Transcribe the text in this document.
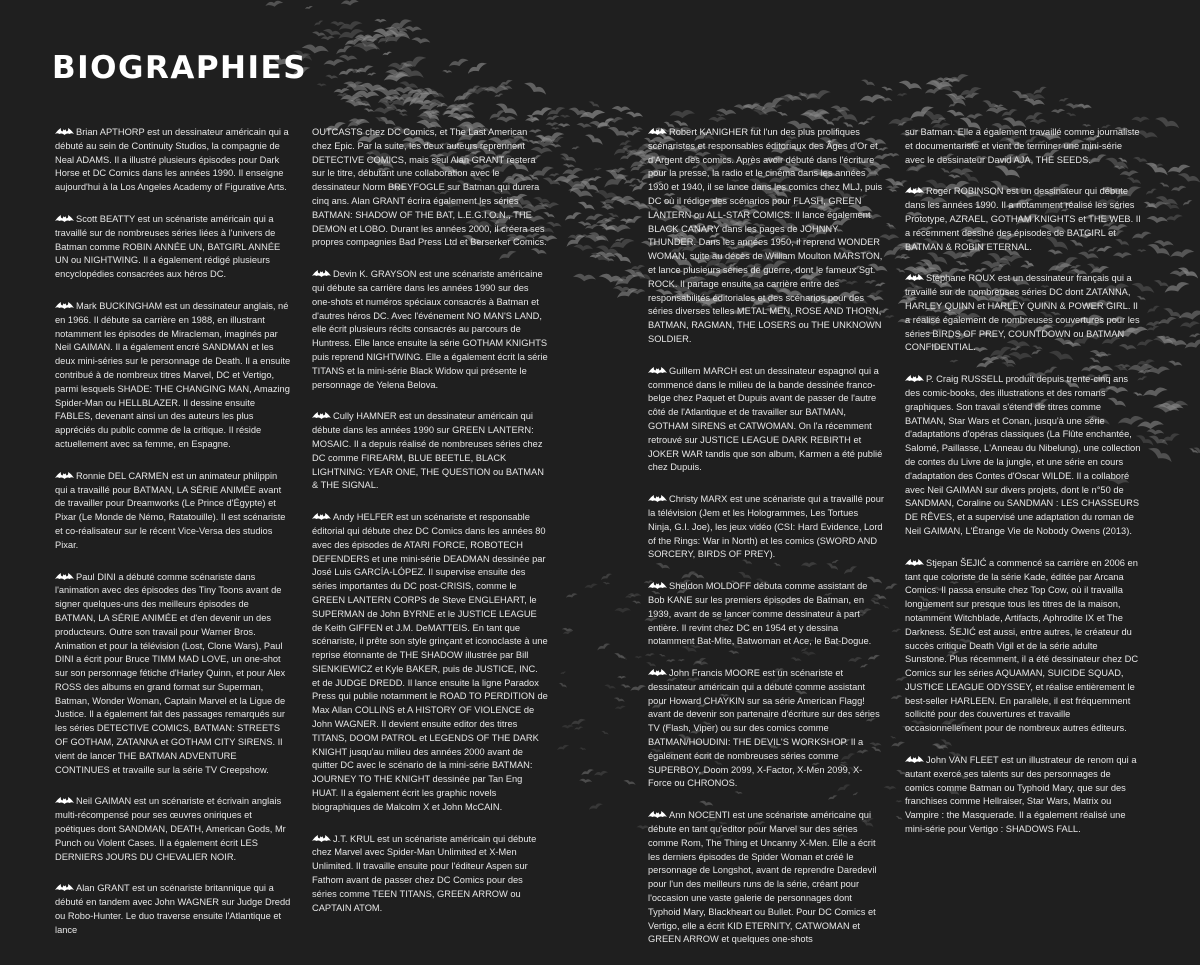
BIOGRAPHIES

Brian APTHORP est un dessinateur américain qui a débuté au sein de Continuity Studios, la compagnie de Neal ADAMS. Il a illustré plusieurs épisodes pour Dark Horse et DC Comics dans les années 1990. Il enseigne aujourd'hui à la Los Angeles Academy of Figurative Arts.

Scott BEATTY est un scénariste américain qui a travaillé sur de nombreuses séries liées à l'univers de Batman comme ROBIN ANNÉE UN, BATGIRL ANNÉE UN ou NIGHTWING. Il a également rédigé plusieurs encyclopédies consacrées aux héros DC.

Mark BUCKINGHAM est un dessinateur anglais, né en 1966. Il débute sa carrière en 1988, en illustrant notamment les épisodes de Miracleman, imaginés par Neil GAIMAN. Il a également encré SANDMAN et les deux mini-séries sur le personnage de Death. Il a ensuite contribué à de nombreux titres Marvel, DC et Vertigo, parmi lesquels SHADE: THE CHANGING MAN, Amazing Spider-Man ou HELLBLAZER. Il dessine ensuite FABLES, devenant ainsi un des auteurs les plus appréciés du public comme de la critique. Il réside actuellement avec sa femme, en Espagne.

Ronnie DEL CARMEN est un animateur philippin qui a travaillé pour BATMAN, LA SÉRIE ANIMÉE avant de travailler pour Dreamworks (Le Prince d'Égypte) et Pixar (Le Monde de Némo, Ratatouille). Il est scénariste et co-réalisateur sur le récent Vice-Versa des studios Pixar.

Paul DINI a débuté comme scénariste dans l'animation avec des épisodes des Tiny Toons avant de signer quelques-uns des meilleurs épisodes de BATMAN, LA SÉRIE ANIMÉE et d'en devenir un des producteurs. Outre son travail pour Warner Bros. Animation et pour la télévision (Lost, Clone Wars), Paul DINI a écrit pour Bruce TIMM MAD LOVE, un one-shot sur son personnage fétiche d'Harley Quinn, et pour Alex ROSS des albums en grand format sur Superman, Batman, Wonder Woman, Captain Marvel et la Ligue de Justice. Il a également fait des passages remarqués sur les séries DETECTIVE COMICS, BATMAN: STREETS OF GOTHAM, ZATANNA et GOTHAM CITY SIRENS. Il vient de lancer THE BATMAN ADVENTURE CONTINUES et travaille sur la série TV Creepshow.

Neil GAIMAN est un scénariste et écrivain anglais multi-récompensé pour ses œuvres oniriques et poétiques dont SANDMAN, DEATH, American Gods, Mr Punch ou Violent Cases. Il a également écrit LES DERNIERS JOURS DU CHEVALIER NOIR.

Alan GRANT est un scénariste britannique qui a débuté en tandem avec John WAGNER sur Judge Dredd ou Robo-Hunter. Le duo traverse ensuite l'Atlantique et lance

OUTCASTS chez DC Comics, et The Last American chez Epic. Par la suite, les deux auteurs reprennent DETECTIVE COMICS, mais seul Alan GRANT restera sur le titre, débutant une collaboration avec le dessinateur Norm BREYFOGLE sur Batman qui durera cinq ans. Alan GRANT écrira également les séries BATMAN: SHADOW OF THE BAT, L.E.G.I.O.N., THE DEMON et LOBO. Durant les années 2000, il créera ses propres compagnies Bad Press Ltd et Berserker Comics.

Devin K. GRAYSON est une scénariste américaine qui débute sa carrière dans les années 1990 sur des one-shots et numéros spéciaux consacrés à Batman et d'autres héros DC. Avec l'événement NO MAN'S LAND, elle écrit plusieurs récits consacrés au parcours de Huntress. Elle lance ensuite la série GOTHAM KNIGHTS puis reprend NIGHTWING. Elle a également écrit la série TITANS et la mini-série Black Widow qui présente le personnage de Yelena Belova.

Cully HAMNER est un dessinateur américain qui débute dans les années 1990 sur GREEN LANTERN: MOSAIC. Il a depuis réalisé de nombreuses séries chez DC comme FIREARM, BLUE BEETLE, BLACK LIGHTNING: YEAR ONE, THE QUESTION ou BATMAN & THE SIGNAL.

Andy HELFER est un scénariste et responsable éditorial qui débute chez DC Comics dans les années 80 avec des épisodes de ATARI FORCE, ROBOTECH DEFENDERS et une mini-série DEADMAN dessinée par José Luis GARCÍA-LÓPEZ. Il supervise ensuite des séries importantes du DC post-CRISIS, comme le GREEN LANTERN CORPS de Steve ENGLEHART, le SUPERMAN de John BYRNE et le JUSTICE LEAGUE de Keith GIFFEN et J.M. DeMATTEIS. En tant que scénariste, il prête son style grinçant et iconoclaste à une reprise étonnante de THE SHADOW illustrée par Bill SIENKIEWICZ et Kyle BAKER, puis de JUSTICE, INC. et de JUDGE DREDD. Il lance ensuite la ligne Paradox Press qui publie notamment le ROAD TO PERDITION de Max Allan COLLINS et A HISTORY OF VIOLENCE de John WAGNER. Il devient ensuite editor des titres TITANS, DOOM PATROL et LEGENDS OF THE DARK KNIGHT jusqu'au milieu des années 2000 avant de quitter DC avec le scénario de la mini-série BATMAN: JOURNEY TO THE KNIGHT dessinée par Tan Eng HUAT. Il a également écrit les graphic novels biographiques de Malcolm X et John McCAIN.

J.T. KRUL est un scénariste américain qui débute chez Marvel avec Spider-Man Unlimited et X-Men Unlimited. Il travaille ensuite pour l'éditeur Aspen sur Fathom avant de passer chez DC Comics pour des séries comme TEEN TITANS, GREEN ARROW ou CAPTAIN ATOM.

Robert KANIGHER fut l'un des plus prolifiques scénaristes et responsables éditoriaux des Âges d'Or et d'Argent des comics. Après avoir débuté dans l'écriture pour la presse, la radio et le cinéma dans les années 1930 et 1940, il se lance dans les comics chez MLJ, puis DC où il rédige des scénarios pour FLASH, GREEN LANTERN ou ALL-STAR COMICS. Il lance également BLACK CANARY dans les pages de JOHNNY THUNDER. Dans les années 1950, il reprend WONDER WOMAN, suite au décès de William Moulton MARSTON, et lance plusieurs séries de guerre, dont le fameux Sgt. ROCK. Il partage ensuite sa carrière entre des responsabilités éditoriales et des scénarios pour des séries diverses telles METAL MEN, ROSE AND THORN, BATMAN, RAGMAN, THE LOSERS ou THE UNKNOWN SOLDIER.

Guillem MARCH est un dessinateur espagnol qui a commencé dans le milieu de la bande dessinée franco-belge chez Paquet et Dupuis avant de passer de l'autre côté de l'Atlantique et de travailler sur BATMAN, GOTHAM SIRENS et CATWOMAN. On l'a récemment retrouvé sur JUSTICE LEAGUE DARK REBIRTH et JOKER WAR tandis que son album, Karmen a été publié chez Dupuis.

Christy MARX est une scénariste qui a travaillé pour la télévision (Jem et les Hologrammes, Les Tortues Ninja, G.I. Joe), les jeux vidéo (CSI: Hard Evidence, Lord of the Rings: War in North) et les comics (SWORD AND SORCERY, BIRDS OF PREY).

Sheldon MOLDOFF débuta comme assistant de Bob KANE sur les premiers épisodes de Batman, en 1939, avant de se lancer comme dessinateur à part entière. Il revint chez DC en 1954 et y dessina notamment Bat-Mite, Batwoman et Ace, le Bat-Dogue.

John Francis MOORE est un scénariste et dessinateur américain qui a débuté comme assistant pour Howard CHAYKIN sur sa série American Flagg! avant de devenir son partenaire d'écriture sur des séries TV (Flash, Viper) ou sur des comics comme BATMAN/HOUDINI: THE DEVIL'S WORKSHOP. Il a également écrit de nombreuses séries comme SUPERBOY, Doom 2099, X-Factor, X-Men 2099, X-Force ou CHRONOS.

Ann NOCENTI est une scénariste américaine qui débute en tant qu'editor pour Marvel sur des séries comme Rom, The Thing et Uncanny X-Men. Elle a écrit les derniers épisodes de Spider Woman et créé le personnage de Longshot, avant de reprendre Daredevil pour l'un des meilleurs runs de la série, créant pour l'occasion une vaste galerie de personnages dont Typhoid Mary, Blackheart ou Bullet. Pour DC Comics et Vertigo, elle a écrit KID ETERNITY, CATWOMAN et GREEN ARROW et quelques one-shots

sur Batman. Elle a également travaillé comme journaliste et documentariste et vient de terminer une mini-série avec le dessinateur David AJA, THE SEEDS.

Roger ROBINSON est un dessinateur qui débute dans les années 1990. Il a notamment réalisé les séries Prototype, AZRAEL, GOTHAM KNIGHTS et THE WEB. Il a récemment dessiné des épisodes de BATGIRL et BATMAN & ROBIN ETERNAL.

Stéphane ROUX est un dessinateur français qui a travaillé sur de nombreuses séries DC dont ZATANNA, HARLEY QUINN et HARLEY QUINN & POWER GIRL. Il a réalisé également de nombreuses couvertures pour les séries BIRDS OF PREY, COUNTDOWN ou BATMAN CONFIDENTIAL.

P. Craig RUSSELL produit depuis trente-cinq ans des comic-books, des illustrations et des romans graphiques. Son travail s'étend de titres comme BATMAN, Star Wars et Conan, jusqu'à une série d'adaptations d'opéras classiques (La Flûte enchantée, Salomé, Paillasse, L'Anneau du Nibelung), une collection de contes du Livre de la jungle, et une série en cours d'adaptation des Contes d'Oscar WILDE. Il a collaboré avec Neil GAIMAN sur divers projets, dont le n°50 de SANDMAN, Coraline ou SANDMAN : LES CHASSEURS DE RÊVES, et a supervisé une adaptation du roman de Neil GAIMAN, L'Étrange Vie de Nobody Owens (2013).

Stjepan ŠEJIĆ a commencé sa carrière en 2006 en tant que coloriste de la série Kade, éditée par Arcana Comics. Il passa ensuite chez Top Cow, où il travailla longuement sur presque tous les titres de la maison, notamment Witchblade, Artifacts, Aphrodite IX et The Darkness. ŠEJIĆ est aussi, entre autres, le créateur du succès critique Death Vigil et de la série adulte Sunstone. Plus récemment, il a été dessinateur chez DC Comics sur les séries AQUAMAN, SUICIDE SQUAD, JUSTICE LEAGUE ODYSSEY, et réalise entièrement le best-seller HARLEEN. En parallèle, il est fréquemment sollicité pour des couvertures et travaille occasionnellement pour de nombreux autres éditeurs.

John VAN FLEET est un illustrateur de renom qui a autant exercé ses talents sur des personnages de comics comme Batman ou Typhoid Mary, que sur des franchises comme Hellraiser, Star Wars, Matrix ou Vampire : the Masquerade. Il a également réalisé une mini-série pour Vertigo : SHADOWS FALL.
